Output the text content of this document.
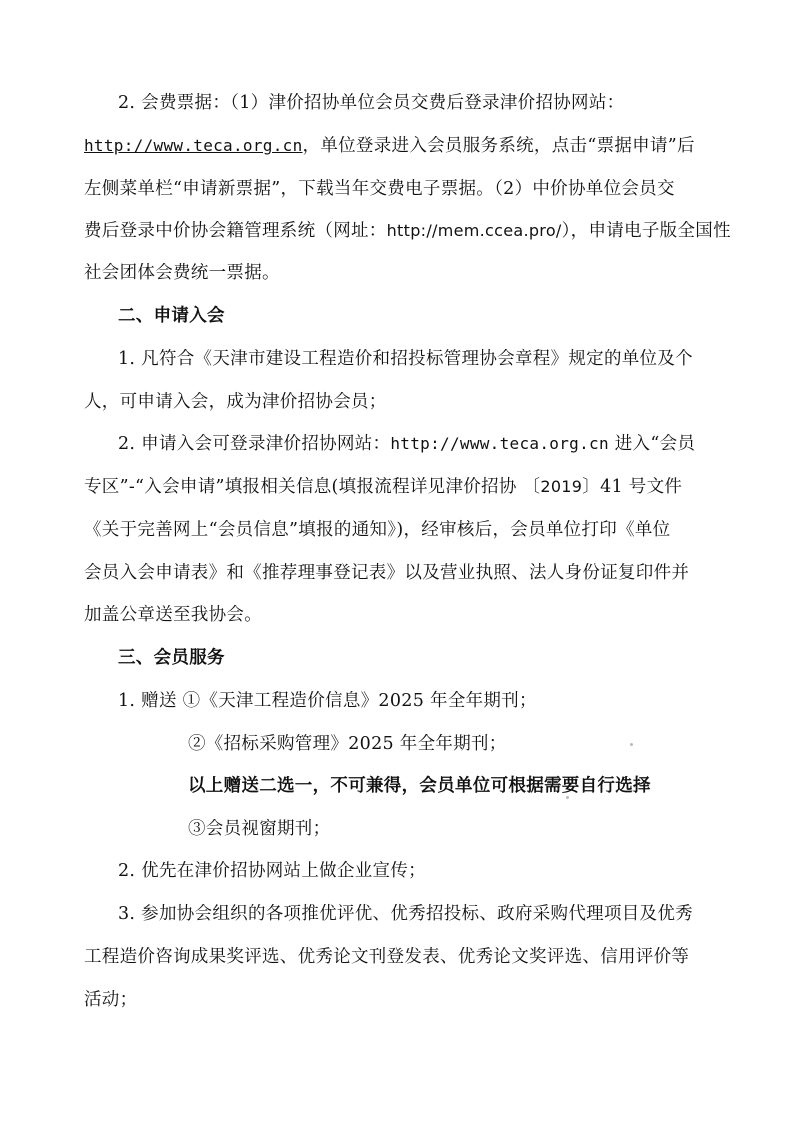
2. 会费票据：（1）津价招协单位会员交费后登录津价招协网站：
http://www.teca.org.cn，单位登录进入会员服务系统，点击“票据申请”后
左侧菜单栏“申请新票据”，下载当年交费电子票据。（2）中价协单位会员交
费后登录中价协会籍管理系统（网址：http://mem.ccea.pro/），申请电子版全国性
社会团体会费统一票据。
二、申请入会
1. 凡符合《天津市建设工程造价和招投标管理协会章程》规定的单位及个
人，可申请入会，成为津价招协会员；
2. 申请入会可登录津价招协网站：http://www.teca.org.cn 进入“会员
专区”-“入会申请”填报相关信息(填报流程详见津价招协 〔2019〕41 号文件
《关于完善网上“会员信息”填报的通知》)，经审核后，会员单位打印《单位
会员入会申请表》和《推荐理事登记表》以及营业执照、法人身份证复印件并
加盖公章送至我协会。
三、会员服务
1. 赠送 ①《天津工程造价信息》2025 年全年期刊；
②《招标采购管理》2025 年全年期刊；
以上赠送二选一，不可兼得，会员单位可根据需要自行选择
③会员视窗期刊；
2. 优先在津价招协网站上做企业宣传；
3. 参加协会组织的各项推优评优、优秀招投标、政府采购代理项目及优秀
工程造价咨询成果奖评选、优秀论文刊登发表、优秀论文奖评选、信用评价等
活动；
